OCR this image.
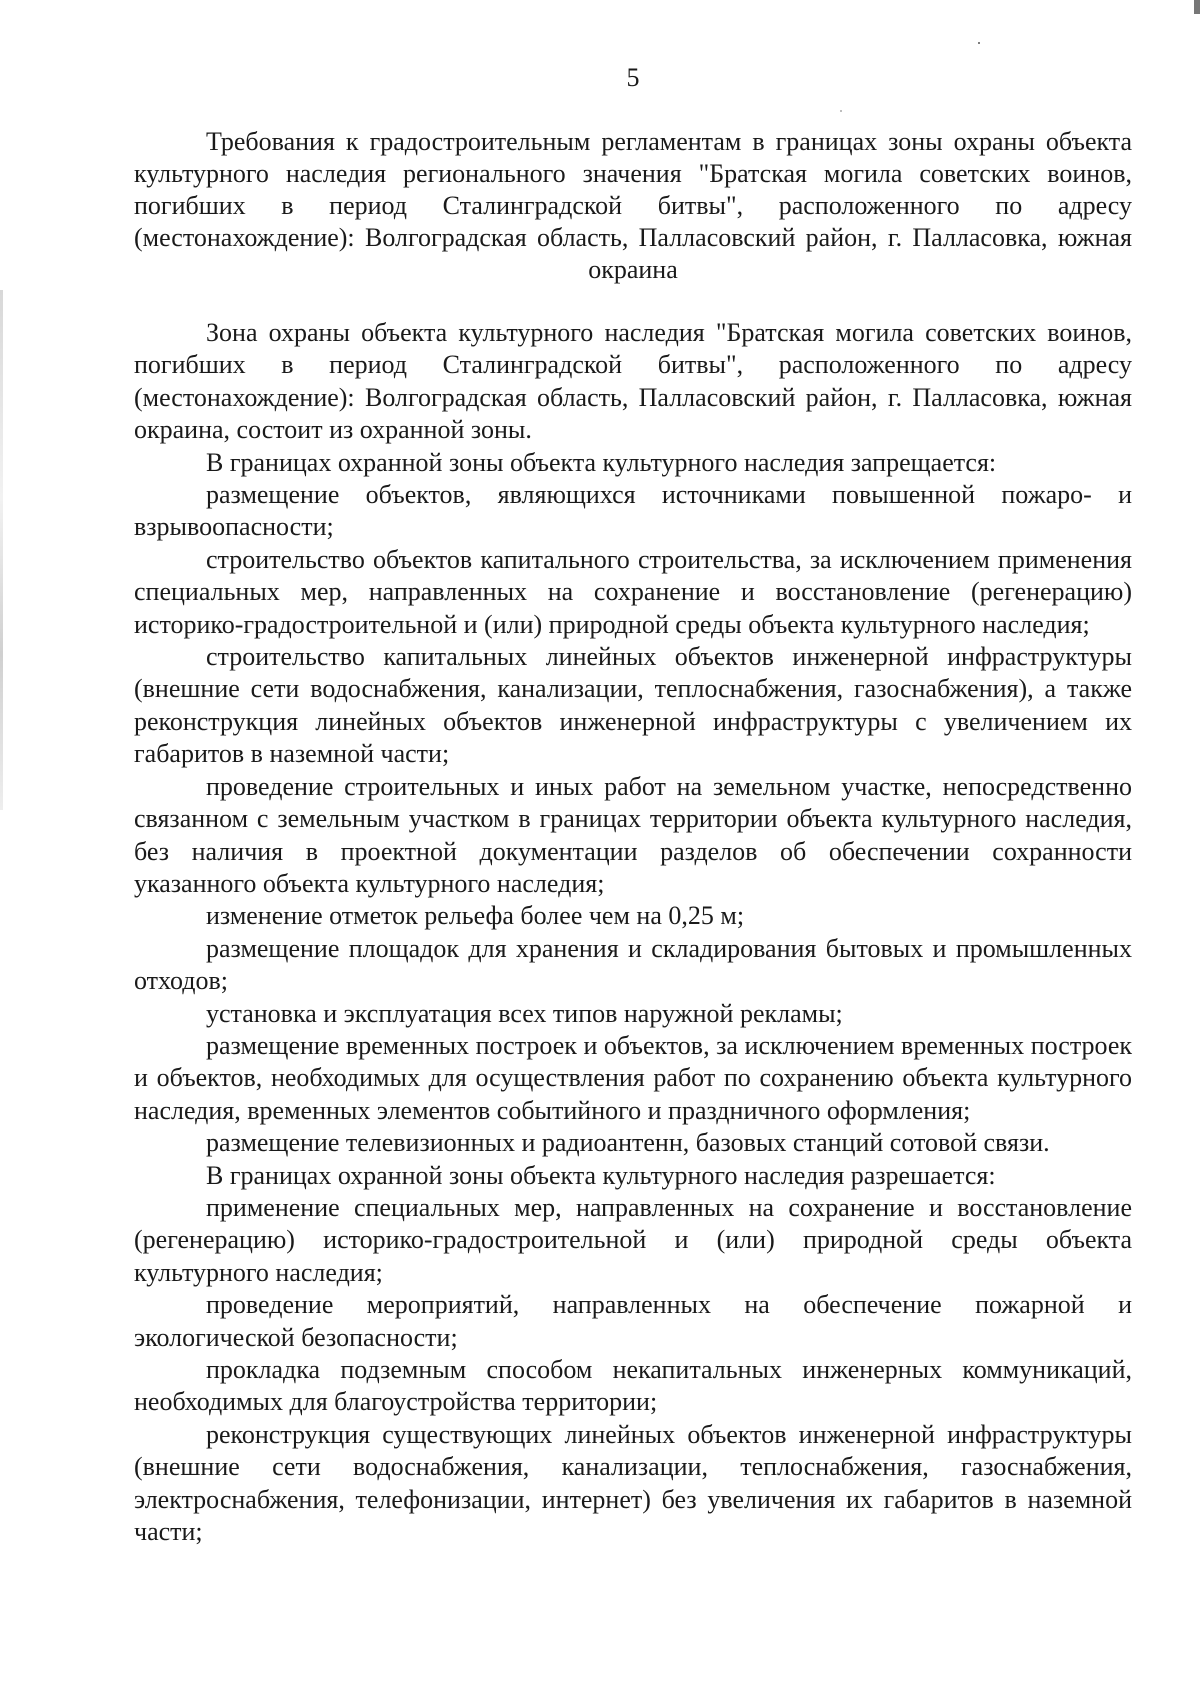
5
Требования к градостроительным регламентам в границах зоны охраны объекта культурного наследия регионального значения "Братская могила советских воинов, погибших в период Сталинградской битвы", расположенного по адресу (местонахождение): Волгоградская область, Палласовский район, г. Палласовка, южная окраина

Зона охраны объекта культурного наследия "Братская могила советских воинов, погибших в период Сталинградской битвы", расположенного по адресу (местонахождение): Волгоградская область, Палласовский район, г. Палласовка, южная окраина, состоит из охранной зоны.

В границах охранной зоны объекта культурного наследия запрещается:

размещение объектов, являющихся источниками повышенной пожаро- и взрывоопасности;

строительство объектов капитального строительства, за исключением применения специальных мер, направленных на сохранение и восстановление (регенерацию) историко-градостроительной и (или) природной среды объекта культурного наследия;

строительство капитальных линейных объектов инженерной инфраструктуры (внешние сети водоснабжения, канализации, теплоснабжения, газоснабжения), а также реконструкция линейных объектов инженерной инфраструктуры с увеличением их габаритов в наземной части;

проведение строительных и иных работ на земельном участке, непосредственно связанном с земельным участком в границах территории объекта культурного наследия, без наличия в проектной документации разделов об обеспечении сохранности указанного объекта культурного наследия;

изменение отметок рельефа более чем на 0,25 м;

размещение площадок для хранения и складирования бытовых и промышленных отходов;

установка и эксплуатация всех типов наружной рекламы;

размещение временных построек и объектов, за исключением временных построек и объектов, необходимых для осуществления работ по сохранению объекта культурного наследия, временных элементов событийного и праздничного оформления;

размещение телевизионных и радиоантенн, базовых станций сотовой связи.

В границах охранной зоны объекта культурного наследия разрешается:

применение специальных мер, направленных на сохранение и восстановление (регенерацию) историко-градостроительной и (или) природной среды объекта культурного наследия;

проведение мероприятий, направленных на обеспечение пожарной и экологической безопасности;

прокладка подземным способом некапитальных инженерных коммуникаций, необходимых для благоустройства территории;

реконструкция существующих линейных объектов инженерной инфраструктуры (внешние сети водоснабжения, канализации, теплоснабжения, газоснабжения, электроснабжения, телефонизации, интернет) без увеличения их габаритов в наземной части;
